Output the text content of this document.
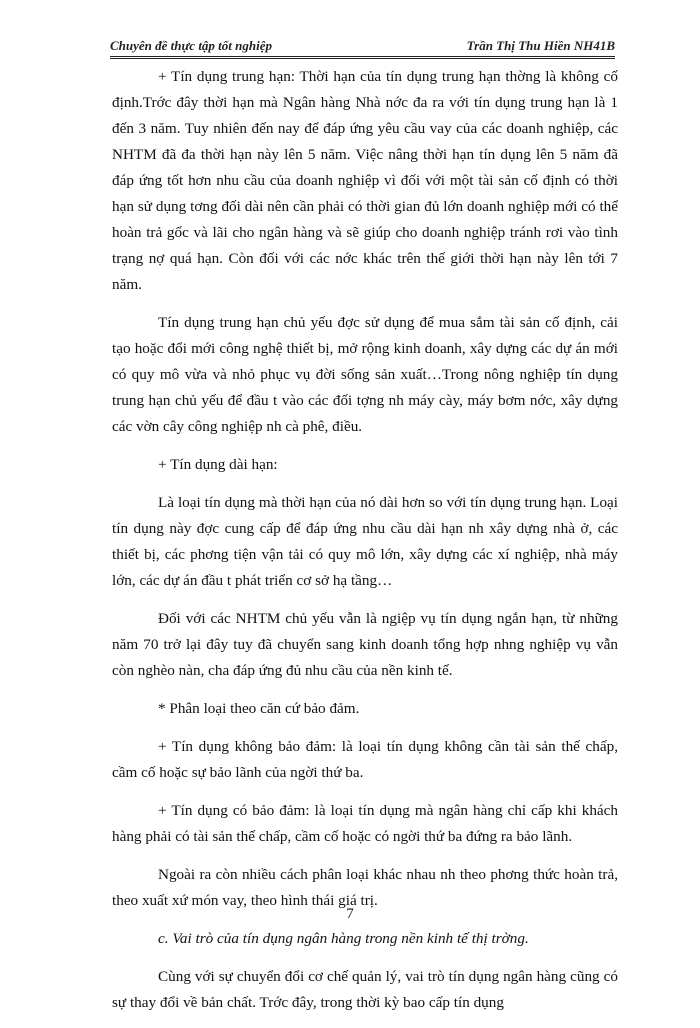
Chuyên đề thực tập tốt nghiệp	Trần Thị Thu Hiền NH41B

+ Tín dụng trung hạn: Thời hạn của tín dụng trung hạn thờng là không cố định.Trớc đây thời hạn mà Ngân hàng Nhà nớc đa ra với tín dụng trung hạn là 1 đến 3 năm. Tuy nhiên đến nay để đáp ứng yêu cầu vay của các doanh nghiệp, các NHTM đã đa thời hạn này lên 5 năm. Việc nâng thời hạn tín dụng lên 5 năm đã đáp ứng tốt hơn nhu cầu của doanh nghiệp vì đối với một tài sản cố định có thời hạn sử dụng tơng đối dài nên cần phải có thời gian đủ lớn doanh nghiệp mới có thể hoàn trả gốc và lãi cho ngân hàng và sẽ giúp cho doanh nghiệp tránh rơi vào tình trạng nợ quá hạn. Còn đối với các nớc khác trên thế giới thời hạn này lên tới 7 năm.

Tín dụng trung hạn chủ yếu đợc sử dụng để mua sắm tài sản cố định, cải tạo hoặc đổi mới công nghệ thiết bị, mở rộng kinh doanh, xây dựng các dự án mới có quy mô vừa và nhỏ phục vụ đời sống sản xuất…Trong nông nghiệp tín dụng trung hạn chủ yếu để đầu t vào các đối tợng nh máy cày, máy bơm nớc, xây dựng các vờn cây công nghiệp nh cà phê, điều.

+ Tín dụng dài hạn:

Là loại tín dụng mà thời hạn của nó dài hơn so với tín dụng trung hạn. Loại tín dụng này đợc cung cấp để đáp ứng nhu cầu dài hạn nh xây dựng nhà ở, các thiết bị, các phơng tiện vận tải có quy mô lớn, xây dựng các xí nghiệp, nhà máy lớn, các dự án đầu t phát triển cơ sở hạ tầng…

Đối với các NHTM chủ yếu vẫn là ngiệp vụ tín dụng ngắn hạn, từ những năm 70 trở lại đây tuy đã chuyển sang kinh doanh tổng hợp nhng nghiệp vụ vẫn còn nghèo nàn, cha đáp ứng đủ nhu cầu của nền kinh tế.

* Phân loại theo căn cứ bảo đảm.

+ Tín dụng không bảo đảm: là loại tín dụng không cần tài sản thế chấp, cầm cố hoặc sự bảo lãnh của ngời thứ ba.

+ Tín dụng có bảo đảm: là loại tín dụng mà ngân hàng chỉ cấp khi khách hàng phải có tài sản thế chấp, cầm cố hoặc có ngời thứ ba đứng ra bảo lãnh.

Ngoài ra còn nhiều cách phân loại khác nhau nh theo phơng thức hoàn trả, theo xuất xứ món vay, theo hình thái giá trị.

c. Vai trò của tín dụng ngân hàng trong nền kinh tế thị trờng.

Cùng với sự chuyển đổi cơ chế quản lý, vai trò tín dụng ngân hàng cũng có sự thay đổi về bản chất. Trớc đây, trong thời kỳ bao cấp tín dụng

7
